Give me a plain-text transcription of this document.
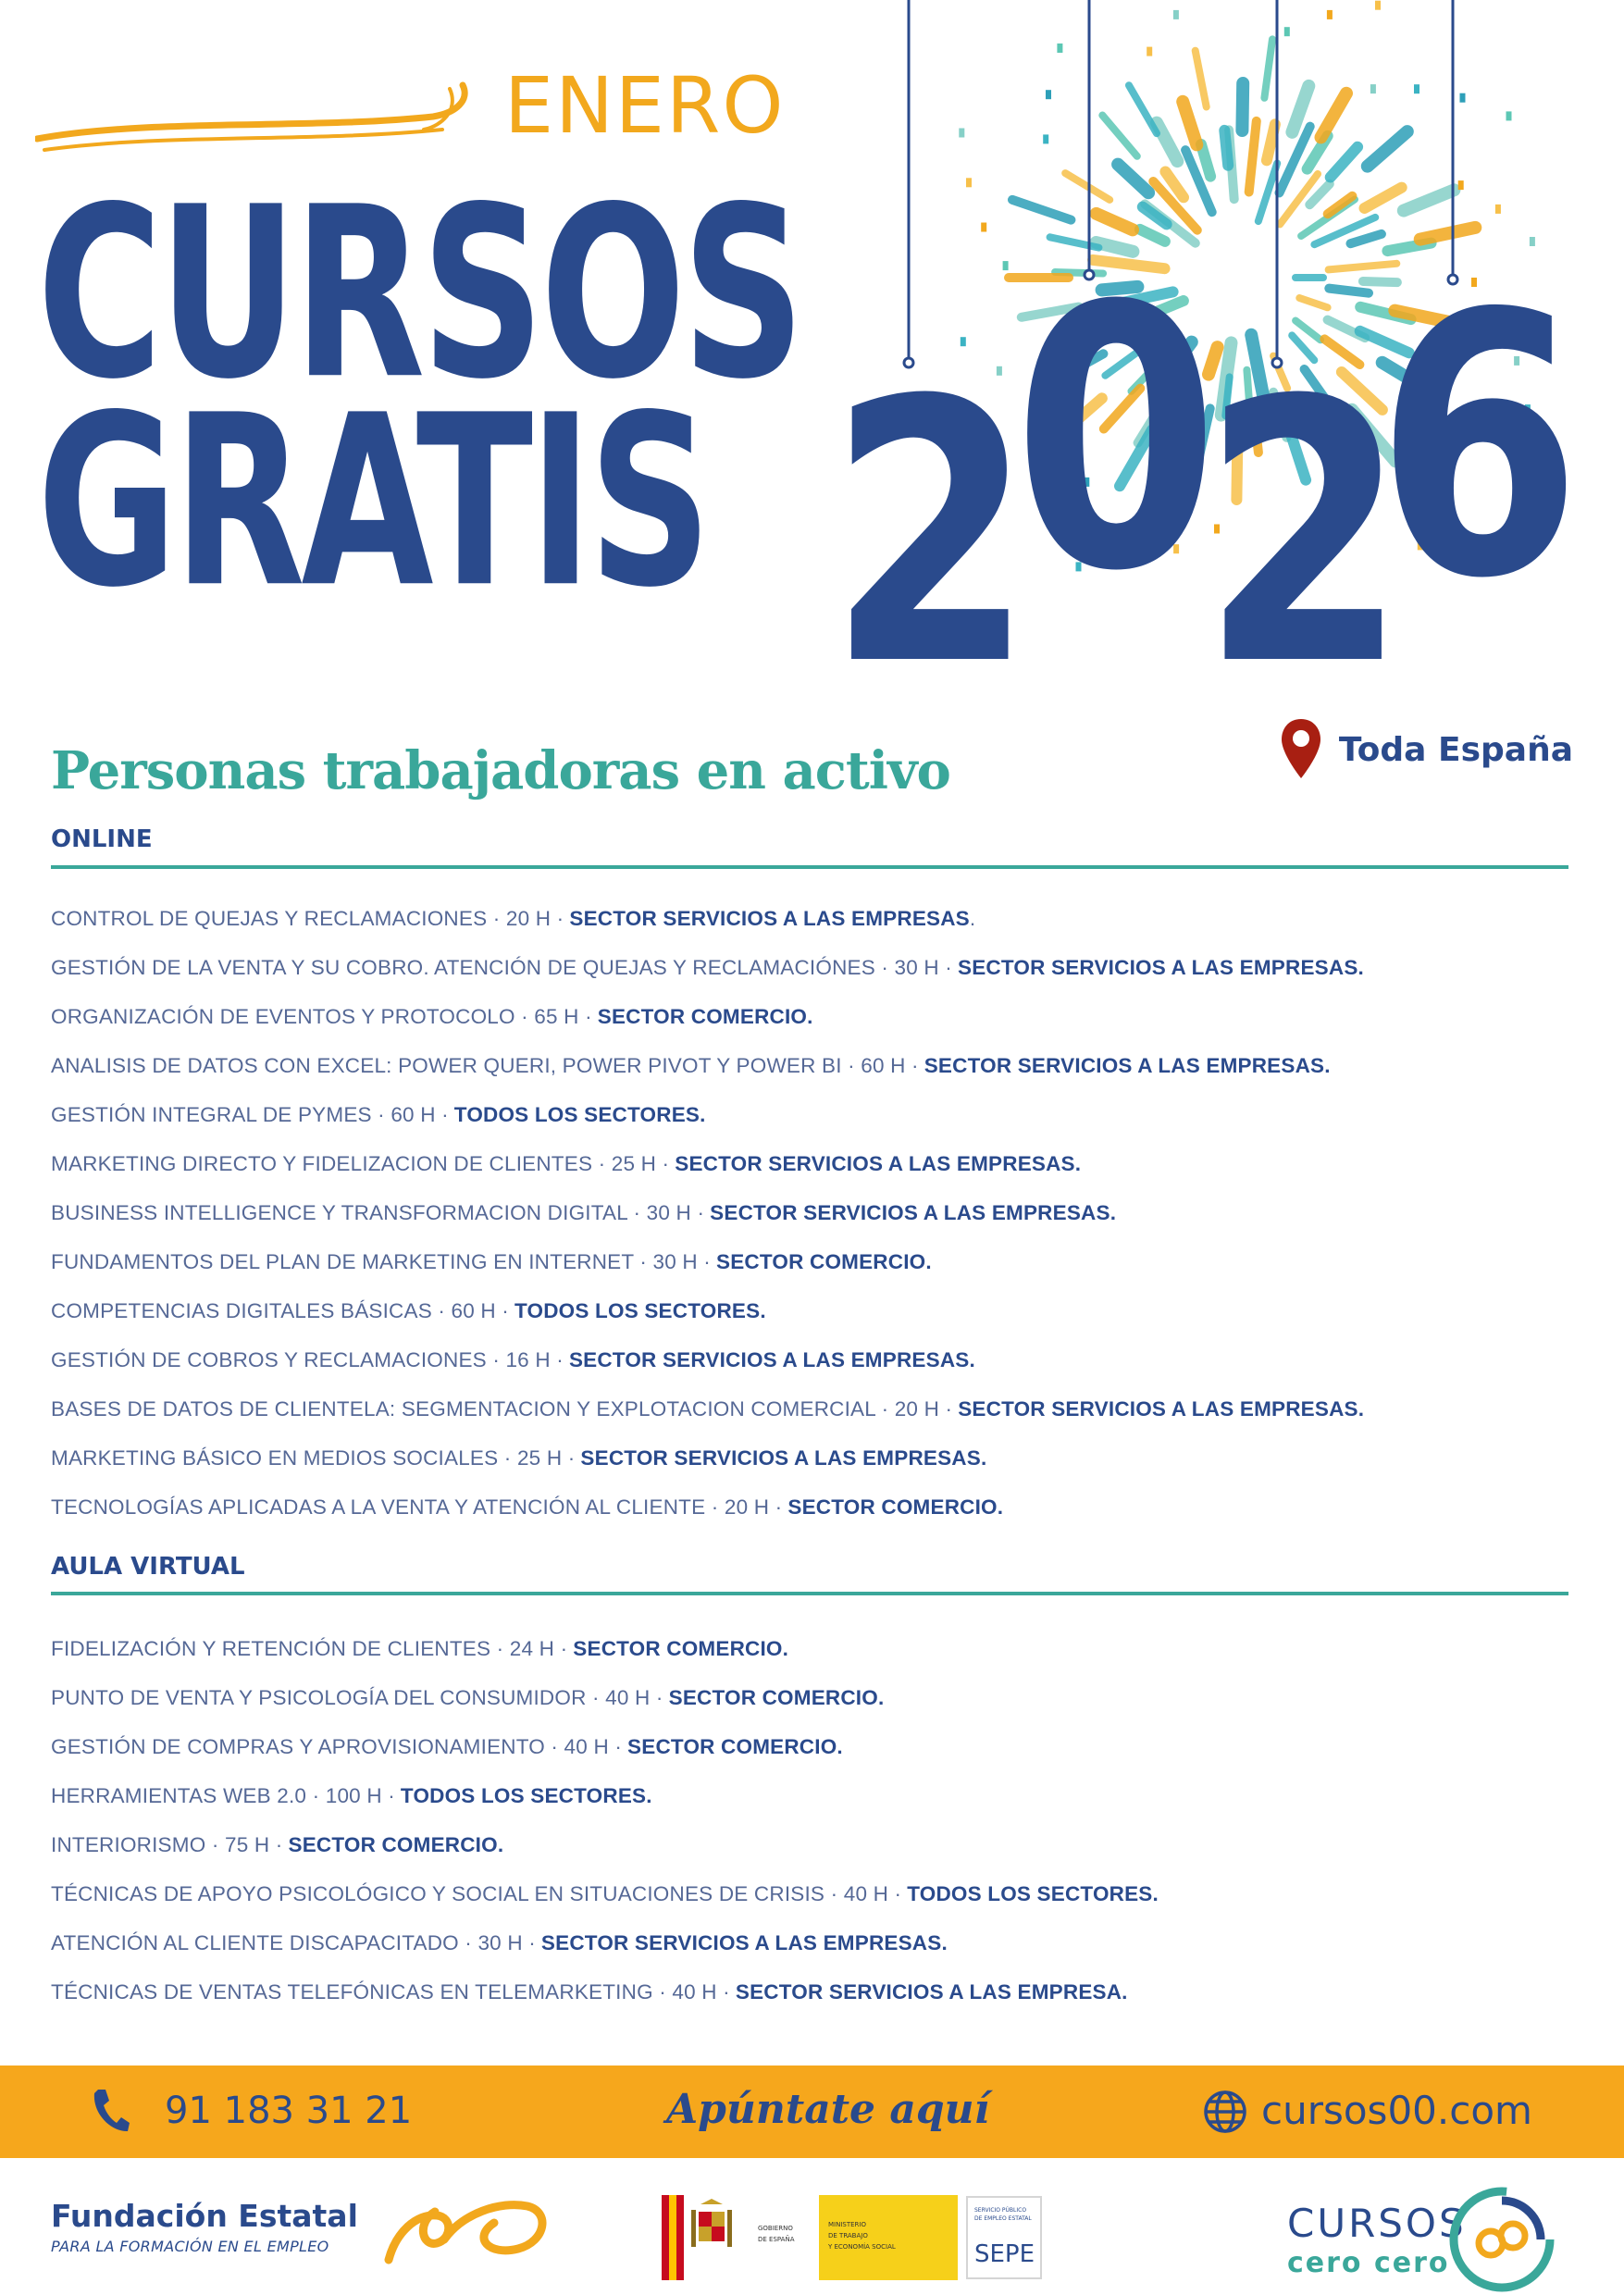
ENERO
CURSOS
GRATIS 2
0
2
6
Personas trabajadoras en activo	Toda España
ONLINE
CONTROL DE QUEJAS Y RECLAMACIONES · 20 H · SECTOR SERVICIOS A LAS EMPRESAS .
GESTIÓN DE LA VENTA Y SU COBRO. ATENCIÓN DE QUEJAS Y RECLAMACIÓNES · 30 H · SECTOR SERVICIOS A LAS EMPRESAS.
ORGANIZACIÓN DE EVENTOS Y PROTOCOLO · 65 H · SECTOR COMERCIO.
ANALISIS DE DATOS CON EXCEL: POWER QUERI, POWER PIVOT Y POWER BI · 60 H · SECTOR SERVICIOS A LAS EMPRESAS.
GESTIÓN INTEGRAL DE PYMES · 60 H · TODOS LOS SECTORES.
MARKETING DIRECTO Y FIDELIZACION DE CLIENTES · 25 H · SECTOR SERVICIOS A LAS EMPRESAS.
BUSINESS INTELLIGENCE Y TRANSFORMACION DIGITAL · 30 H · SECTOR SERVICIOS A LAS EMPRESAS.
FUNDAMENTOS DEL PLAN DE MARKETING EN INTERNET · 30 H · SECTOR COMERCIO.
COMPETENCIAS DIGITALES BÁSICAS · 60 H · TODOS LOS SECTORES.
GESTIÓN DE COBROS Y RECLAMACIONES · 16 H · SECTOR SERVICIOS A LAS EMPRESAS.
BASES DE DATOS DE CLIENTELA: SEGMENTACION Y EXPLOTACION COMERCIAL · 20 H · SECTOR SERVICIOS A LAS EMPRESAS.
MARKETING BÁSICO EN MEDIOS SOCIALES · 25 H · SECTOR SERVICIOS A LAS EMPRESAS.
TECNOLOGÍAS APLICADAS A LA VENTA Y ATENCIÓN AL CLIENTE · 20 H · SECTOR COMERCIO.
AULA VIRTUAL
FIDELIZACIÓN Y RETENCIÓN DE CLIENTES · 24 H · SECTOR COMERCIO.
PUNTO DE VENTA Y PSICOLOGÍA DEL CONSUMIDOR · 40 H · SECTOR COMERCIO.
GESTIÓN DE COMPRAS Y APROVISIONAMIENTO · 40 H · SECTOR COMERCIO.
HERRAMIENTAS WEB 2.0 · 100 H · TODOS LOS SECTORES.
INTERIORISMO · 75 H · SECTOR COMERCIO.
TÉCNICAS DE APOYO PSICOLÓGICO Y SOCIAL EN SITUACIONES DE CRISIS · 40 H · TODOS LOS SECTORES.
ATENCIÓN AL CLIENTE DISCAPACITADO · 30 H · SECTOR SERVICIOS A LAS EMPRESAS.
TÉCNICAS DE VENTAS TELEFÓNICAS EN TELEMARKETING · 40 H · SECTOR SERVICIOS A LAS EMPRESA.
91 183 31 21	Apúntate aquí	cursos00.com
Fundación Estatal
PARA LA FORMACIÓN EN EL EMPLEO
GOBIERNO
DE ESPAÑA
MINISTERIO
DE TRABAJO
Y ECONOMÍA SOCIAL
SERVICIO PÚBLICO
DE EMPLEO ESTATAL
SEPE
CURSOS
cero cero
